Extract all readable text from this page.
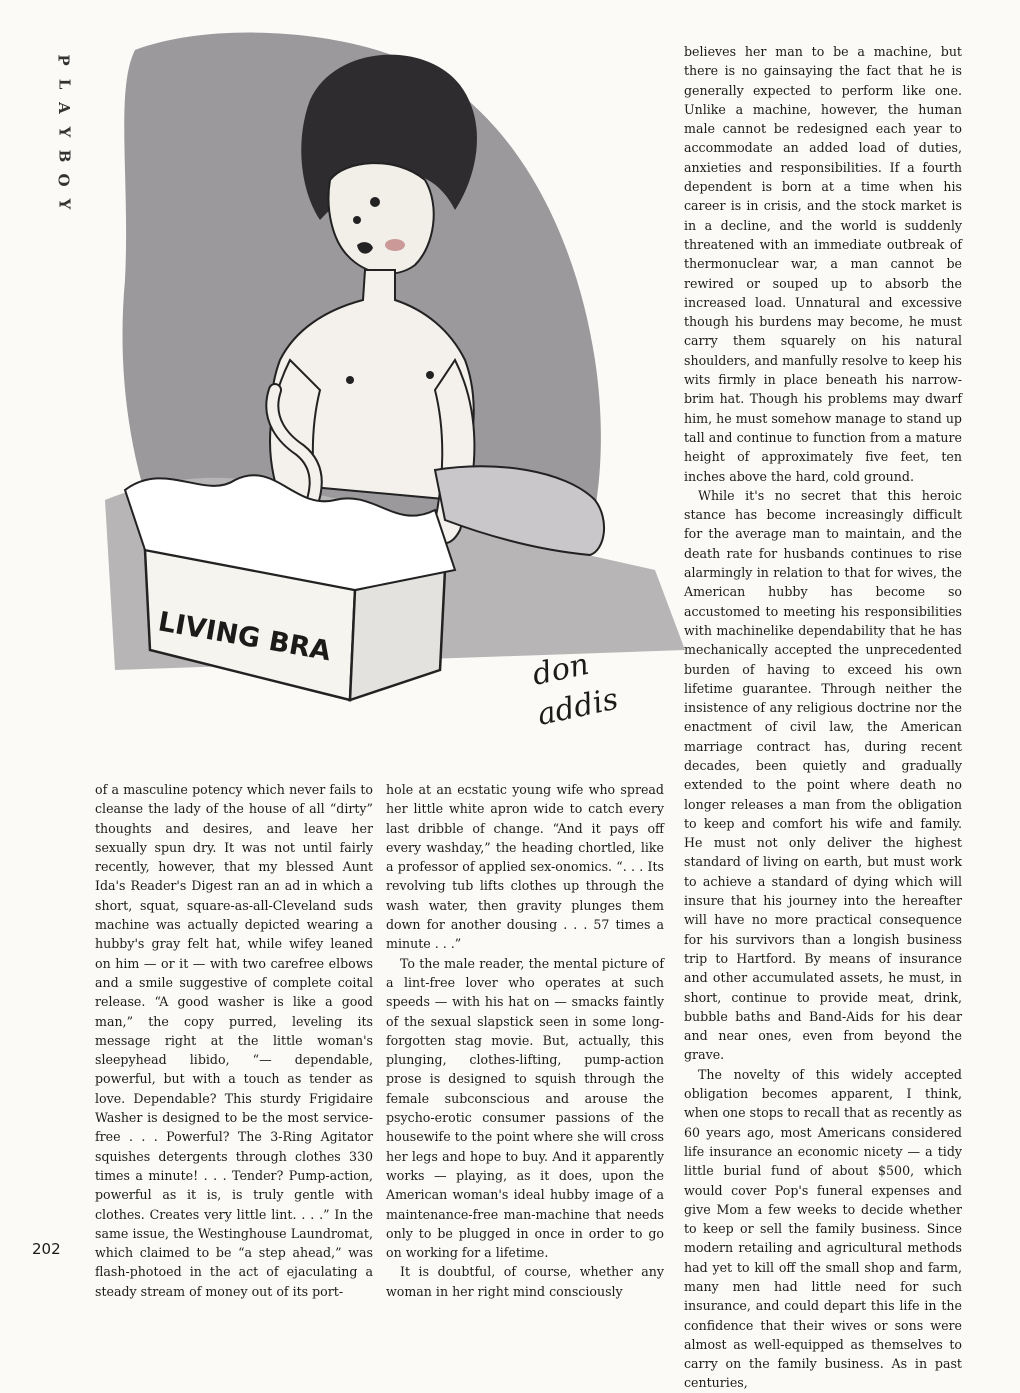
P
L
A
Y
B
O
Y
LIVING BRA
don
addis

believes her man to be a machine, but there is no gainsaying the fact that he is generally expected to perform like one. Unlike a machine, however, the human male cannot be redesigned each year to accommodate an added load of duties, anxieties and responsibilities. If a fourth dependent is born at a time when his career is in crisis, and the stock market is in a decline, and the world is suddenly threatened with an immediate outbreak of thermonuclear war, a man cannot be rewired or souped up to absorb the increased load. Unnatural and excessive though his burdens may become, he must carry them squarely on his natural shoulders, and manfully resolve to keep his wits firmly in place beneath his narrow-brim hat. Though his problems may dwarf him, he must somehow manage to stand up tall and continue to function from a mature height of approximately five feet, ten inches above the hard, cold ground.

While it's no secret that this heroic stance has become increasingly difficult for the average man to maintain, and the death rate for husbands continues to rise alarmingly in relation to that for wives, the American hubby has become so accustomed to meeting his responsibilities with machinelike dependability that he has mechanically accepted the unprecedented burden of having to exceed his own lifetime guarantee. Through neither the insistence of any religious doctrine nor the enactment of civil law, the American marriage contract has, during recent decades, been quietly and gradually extended to the point where death no longer releases a man from the obligation to keep and comfort his wife and family. He must not only deliver the highest standard of living on earth, but must work to achieve a standard of dying which will insure that his journey into the hereafter will have no more practical consequence for his survivors than a longish business trip to Hartford. By means of insurance and other accumulated assets, he must, in short, continue to provide meat, drink, bubble baths and Band-Aids for his dear and near ones, even from beyond the grave.

The novelty of this widely accepted obligation becomes apparent, I think, when one stops to recall that as recently as 60 years ago, most Americans considered life insurance an economic nicety — a tidy little burial fund of about $500, which would cover Pop's funeral expenses and give Mom a few weeks to decide whether to keep or sell the family business. Since modern retailing and agricultural methods had yet to kill off the small shop and farm, many men had little need for such insurance, and could depart this life in the confidence that their wives or sons were almost as well-equipped as themselves to carry on the family business. As in past centuries,

of a masculine potency which never fails to cleanse the lady of the house of all “dirty” thoughts and desires, and leave her sexually spun dry. It was not until fairly recently, however, that my blessed Aunt Ida's Reader's Digest ran an ad in which a short, squat, square-as-all-Cleveland suds machine was actually depicted wearing a hubby's gray felt hat, while wifey leaned on him — or it — with two carefree elbows and a smile suggestive of complete coital release. “A good washer is like a good man,” the copy purred, leveling its message right at the little woman's sleepyhead libido, “— dependable, powerful, but with a touch as tender as love. Dependable? This sturdy Frigidaire Washer is designed to be the most service-free . . . Powerful? The 3-Ring Agitator squishes detergents through clothes 330 times a minute! . . . Tender? Pump-action, powerful as it is, is truly gentle with clothes. Creates very little lint. . . .” In the same issue, the Westinghouse Laundromat, which claimed to be “a step ahead,” was flash-photoed in the act of ejaculating a steady stream of money out of its port-

hole at an ecstatic young wife who spread her little white apron wide to catch every last dribble of change. “And it pays off every washday,” the heading chortled, like a professor of applied sex-onomics. “. . . Its revolving tub lifts clothes up through the wash water, then gravity plunges them down for another dousing . . . 57 times a minute . . .”

To the male reader, the mental picture of a lint-free lover who operates at such speeds — with his hat on — smacks faintly of the sexual slapstick seen in some long-forgotten stag movie. But, actually, this plunging, clothes-lifting, pump-action prose is designed to squish through the female subconscious and arouse the psycho-erotic consumer passions of the housewife to the point where she will cross her legs and hope to buy. And it apparently works — playing, as it does, upon the American woman's ideal hubby image of a maintenance-free man-machine that needs only to be plugged in once in order to go on working for a lifetime.

It is doubtful, of course, whether any woman in her right mind consciously

202
